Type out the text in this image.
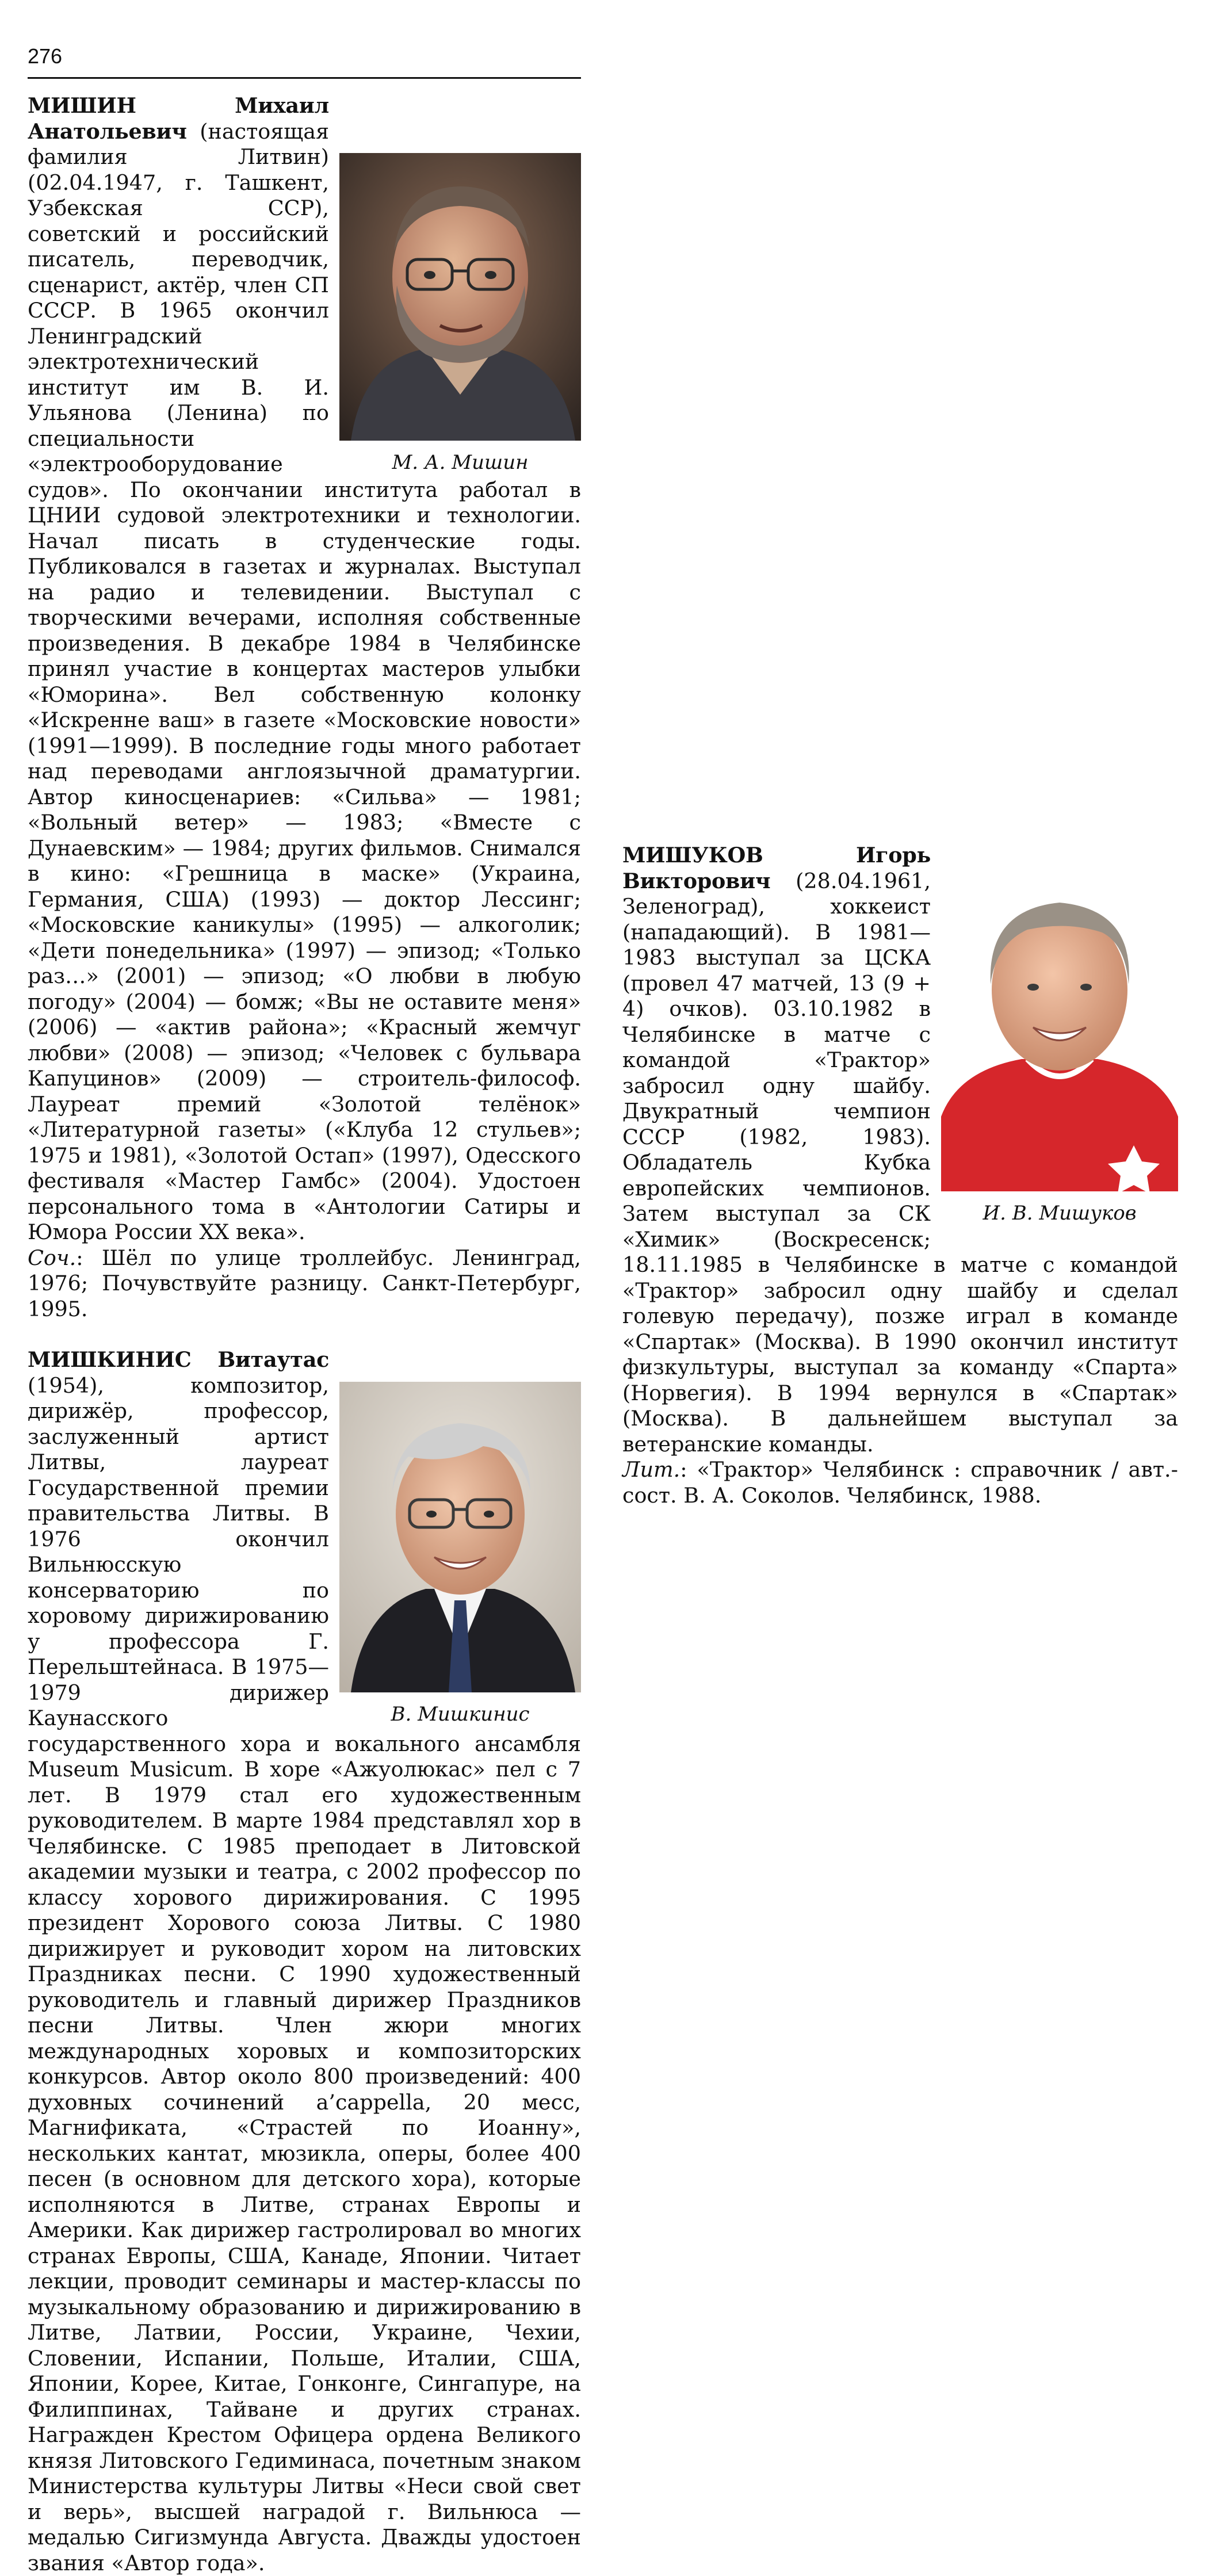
276
М. А. Мишин

МИШИН Михаил Анатольевич (настоящая фамилия Литвин) (02.04.1947, г. Ташкент, Узбекская ССР), советский и российский писатель, переводчик, сценарист, актёр, член СП СССР. В 1965 окончил Ленинградский электротехнический институт им В. И. Ульянова (Ленина) по специальности «электрооборудование судов». По окончании института работал в ЦНИИ судовой электротехники и технологии. Начал писать в студенческие годы. Публиковался в газетах и журналах. Выступал на радио и телевидении. Выступал с творческими вечерами, исполняя собственные произведения. В декабре 1984 в Челябинске принял участие в концертах мастеров улыбки «Юморина». Вел собственную колонку «Искренне ваш» в газете «Московские новости» (1991—1999). В последние годы много работает над переводами англоязычной драматургии. Автор киносценариев: «Сильва» — 1981; «Вольный ветер» — 1983; «Вместе с Дунаевским» — 1984; других фильмов. Снимался в кино: «Грешница в маске» (Украина, Германия, США) (1993) — доктор Лессинг; «Московские каникулы» (1995) — алкоголик; «Дети понедельника» (1997) — эпизод; «Только раз…» (2001) — эпизод; «О любви в любую погоду» (2004) — бомж; «Вы не оставите меня» (2006) — «актив района»; «Красный жемчуг любви» (2008) — эпизод; «Человек с бульвара Капуцинов» (2009) — строитель-философ. Лауреат премий «Золотой телёнок» «Литературной газеты» («Клуба 12 стульев»; 1975 и 1981), «Золотой Остап» (1997), Одесского фестиваля «Мастер Гамбс» (2004). Удостоен персонального тома в «Антологии Сатиры и Юмора России XX века».

Соч.: Шёл по улице троллейбус. Ленинград, 1976; Почувствуйте разницу. Санкт-Петербург, 1995.

В. Мишкинис

МИШКИНИС Витаутас (1954), композитор, дирижёр, профессор, заслуженный артист Литвы, лауреат Государственной премии правительства Литвы. В 1976 окончил Вильнюсскую консерваторию по хоровому дирижированию у профессора Г. Перельштейнаса. В 1975—1979 дирижер Каунасского государственного хора и вокального ансамбля Museum Musicum. В хоре «Ажуолюкас» пел с 7 лет. В 1979 стал его художественным руководителем. В марте 1984 представлял хор в Челябинске. С 1985 преподает в Литовской академии музыки и театра, с 2002 профессор по классу хорового дирижирования. С 1995 президент Хорового союза Литвы. С 1980 дирижирует и руководит хором на литовских Праздниках песни. С 1990 художественный руководитель и главный дирижер Праздников песни Литвы. Член жюри многих международных хоровых и композиторских конкурсов. Автор около 800 произведений: 400 духовных сочинений a’cappella, 20 месс, Магнификата, «Страстей по Иоанну», нескольких кантат, мюзикла, оперы, более 400 песен (в основном для детского хора), которые исполняются в Литве, странах Европы и Америки. Как дирижер гастролировал во многих странах Европы, США, Канаде, Японии. Читает лекции, проводит семинары и мастер-классы по музыкальному образованию и дирижированию в Литве, Латвии, России, Украине, Чехии, Словении, Испании, Польше, Италии, США, Японии, Корее, Китае, Гонконге, Сингапуре, на Филиппинах, Тайване и других странах. Награжден Крестом Офицера ордена Великого князя Литовского Гедиминаса, почетным знаком Министерства культуры Литвы «Неси свой свет и верь», высшей наградой г. Вильнюса — медалью Сигизмунда Августа. Дважды удостоен звания «Автор года».

И. В. Мишуков

МИШУКОВ Игорь Викторович (28.04.1961, Зеленоград), хоккеист (нападающий). В 1981—1983 выступал за ЦСКА (провел 47 матчей, 13 (9 + 4) очков). 03.10.1982 в Челябинске в матче с командой «Трактор» забросил одну шайбу. Двукратный чемпион СССР (1982, 1983). Обладатель Кубка европейских чемпионов. Затем выступал за СК «Химик» (Воскресенск; 18.11.1985 в Челябинске в матче с командой «Трактор» забросил одну шайбу и сделал голевую передачу), позже играл в команде «Спартак» (Москва). В 1990 окончил институт физкультуры, выступал за команду «Спарта» (Норвегия). В 1994 вернулся в «Спартак» (Москва). В дальнейшем выступал за ветеранские команды.

Лит.: «Трактор» Челябинск : справочник / авт.-сост. В. А. Соколов. Челябинск, 1988.
